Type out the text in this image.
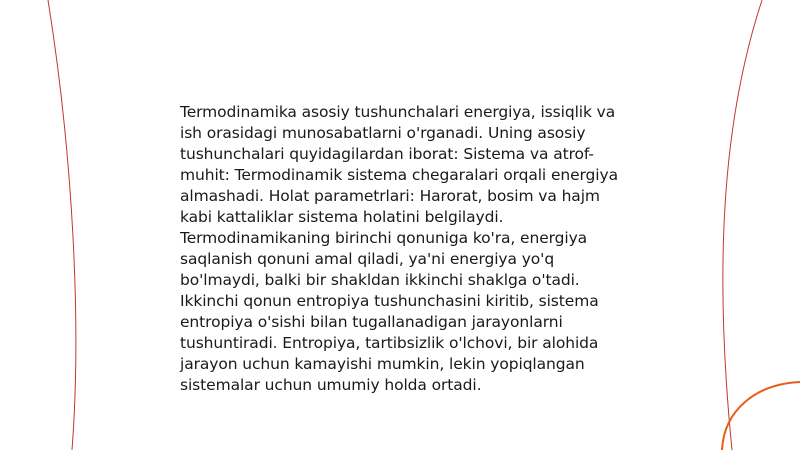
Termodinamika asosiy tushunchalari energiya, issiqlik va ish orasidagi munosabatlarni o'rganadi. Uning asosiy tushunchalari quyidagilardan iborat: Sistema va atrof-muhit: Termodinamik sistema chegaralari orqali energiya almashadi. Holat parametrlari: Harorat, bosim va hajm kabi kattaliklar sistema holatini belgilaydi. Termodinamikaning birinchi qonuniga ko'ra, energiya saqlanish qonuni amal qiladi, ya'ni energiya yo'q bo'lmaydi, balki bir shakldan ikkinchi shaklga o'tadi. Ikkinchi qonun entropiya tushunchasini kiritib, sistema entropiya o'sishi bilan tugallanadigan jarayonlarni tushuntiradi. Entropiya, tartibsizlik o'lchovi, bir alohida jarayon uchun kamayishi mumkin, lekin yopiqlangan sistemalar uchun umumiy holda ortadi.
